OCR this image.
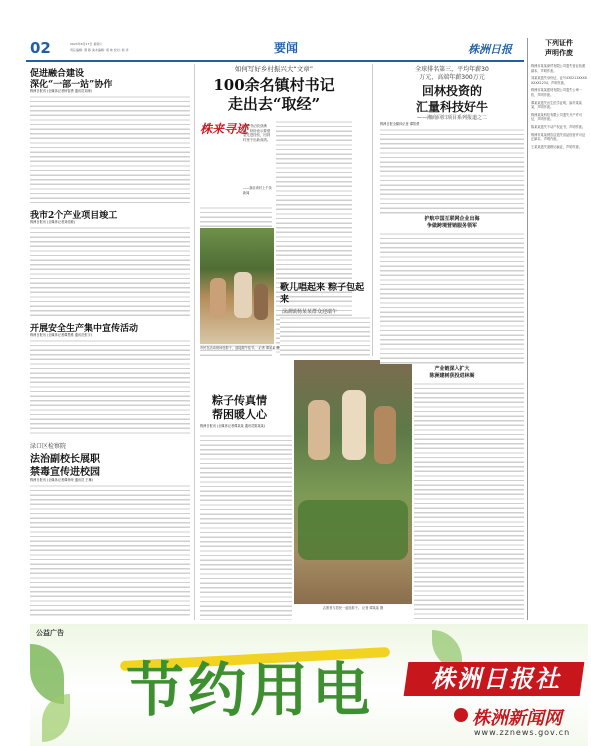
02	2023年6月17日 星期六
责任编辑: 谭 蓉 美术编辑: 胡 帅 校对: 杨 洋	要闻	株洲日报	下列证件
声明作废
促进融合建设
深化“一部一站”协作
株洲日报讯 (全媒体记者杨智勇 通讯员刘涛)
我市2个产业项目竣工
株洲日报讯 (全媒体记者刘佳敏)
开展安全生产集中宣传活动
株洲日报讯 (全媒体记者谭思维 通讯员张宇)
渌口区检察院
法治副校长展职
禁毒宣传进校园
株洲日报讯 (全媒体记者谭杨荣 通讯员 王琳)
如何写好乡村振兴大“文章”
100余名镇村书记
走出去“取经”
株来寻迹
这些书记收获满满，纷纷表示要借鉴先进经验，回到村里干出新成绩。
——摘自该村上千条新闻
市民在活动现场包粽子，迎接端午佳节。 记者 谭某某 摄
歌儿唱起来 粽子包起来
渌湖镇杨某某群众迎端午
粽子传真情
帮困暖人心
株洲日报讯 (全媒体记者谭某某 通讯员陈某某)
志愿者与居民一起包粽子。 记者 谭某某 摄
全球排名第三，平均年薪30
万元，高端年薪300万元
回林投资的
汇量科技好牛
——湘商回归项目系列报道之二
株洲日报全媒体记者 谭智勇
护航中国互联网企业出海
争做跨境营销服务领军
产业链深入扩大
陈洲建树获投进林阁
株洲市某某商贸有限公司遗失营业执照副本，声明作废。
刘某某遗失身份证，证号430211XXXXXXXX1234，声明作废。
株洲市某某建材有限公司遗失公章一枚，声明作废。
谭某某遗失出生医学证明，编号某某某，声明作废。
株洲某某科技有限公司遗失开户许可证，声明作废。
陈某某遗失不动产权证书，声明作废。
株洲市某某餐饮店遗失食品经营许可证正副本，声明作废。
王某某遗失道路运输证，声明作废。
公益广告
节约用电	株洲日报社
株洲新闻网
www.zznews.gov.cn
